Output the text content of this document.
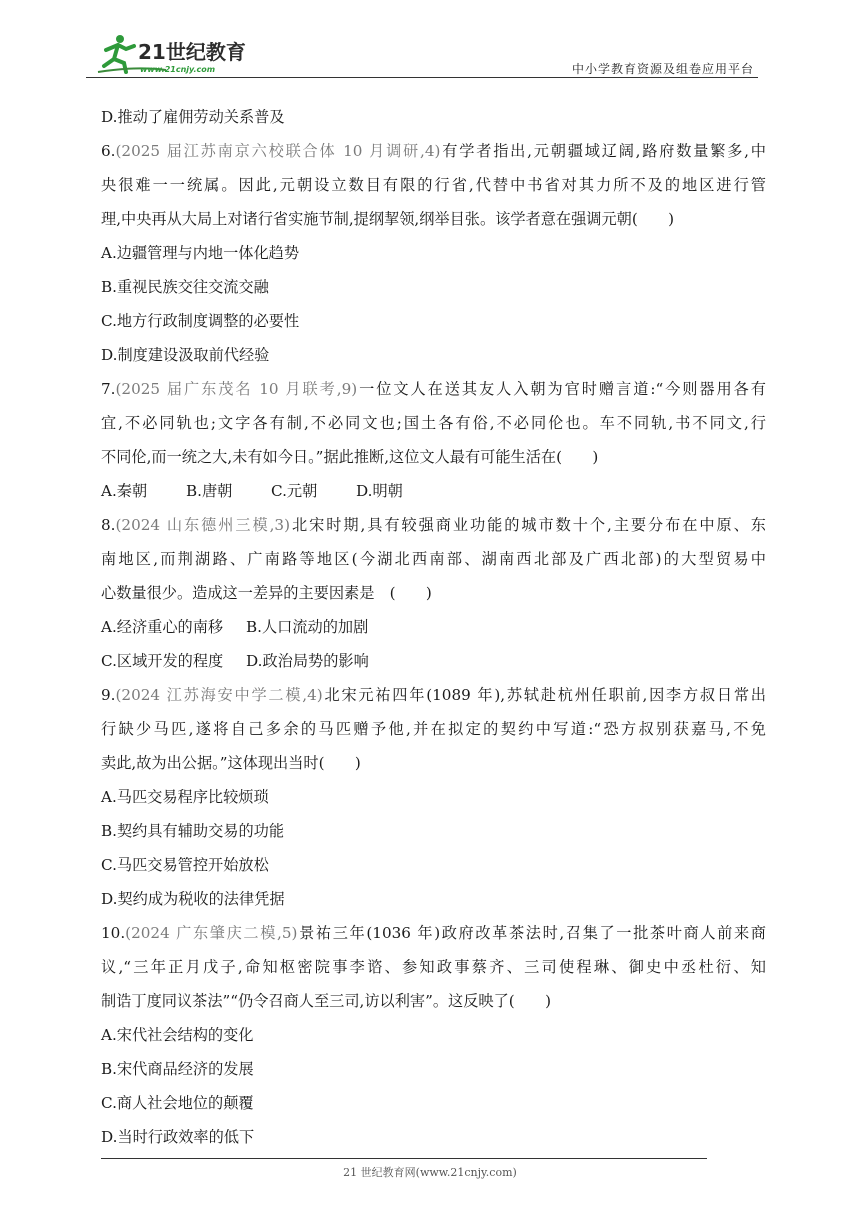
21世纪教育
www.21cnjy.com	中小学教育资源及组卷应用平台
D.推动了雇佣劳动关系普及
6.(2025 届江苏南京六校联合体 10 月调研,4)有学者指出,元朝疆域辽阔,路府数量繁多,中
央很难一一统属。因此,元朝设立数目有限的行省,代替中书省对其力所不及的地区进行管
理,中央再从大局上对诸行省实施节制,提纲挈领,纲举目张。该学者意在强调元朝(　　)
A.边疆管理与内地一体化趋势
B.重视民族交往交流交融
C.地方行政制度调整的必要性
D.制度建设汲取前代经验
7.(2025 届广东茂名 10 月联考,9)一位文人在送其友人入朝为官时赠言道:“今则器用各有
宜,不必同轨也;文字各有制,不必同文也;国土各有俗,不必同伦也。车不同轨,书不同文,行
不同伦,而一统之大,未有如今日。”据此推断,这位文人最有可能生活在(　　)
A.秦朝	B.唐朝	C.元朝	D.明朝
8.(2024 山东德州三模,3)北宋时期,具有较强商业功能的城市数十个,主要分布在中原、东
南地区,而荆湖路、广南路等地区(今湖北西南部、湖南西北部及广西北部)的大型贸易中
心数量很少。造成这一差异的主要因素是　(　　)
A.经济重心的南移 B.人口流动的加剧
C.区域开发的程度 D.政治局势的影响
9.(2024 江苏海安中学二模,4)北宋元祐四年(1089 年),苏轼赴杭州任职前,因李方叔日常出
行缺少马匹,遂将自己多余的马匹赠予他,并在拟定的契约中写道:“恐方叔别获嘉马,不免
卖此,故为出公据。”这体现出当时(　　)
A.马匹交易程序比较烦琐
B.契约具有辅助交易的功能
C.马匹交易管控开始放松
D.契约成为税收的法律凭据
10.(2024 广东肇庆二模,5)景祐三年(1036 年)政府改革茶法时,召集了一批茶叶商人前来商
议,“三年正月戊子,命知枢密院事李谘、参知政事蔡齐、三司使程琳、御史中丞杜衍、知
制诰丁度同议茶法”“仍令召商人至三司,访以利害”。这反映了(　　)
A.宋代社会结构的变化
B.宋代商品经济的发展
C.商人社会地位的颠覆
D.当时行政效率的低下
21 世纪教育网(www.21cnjy.com)
